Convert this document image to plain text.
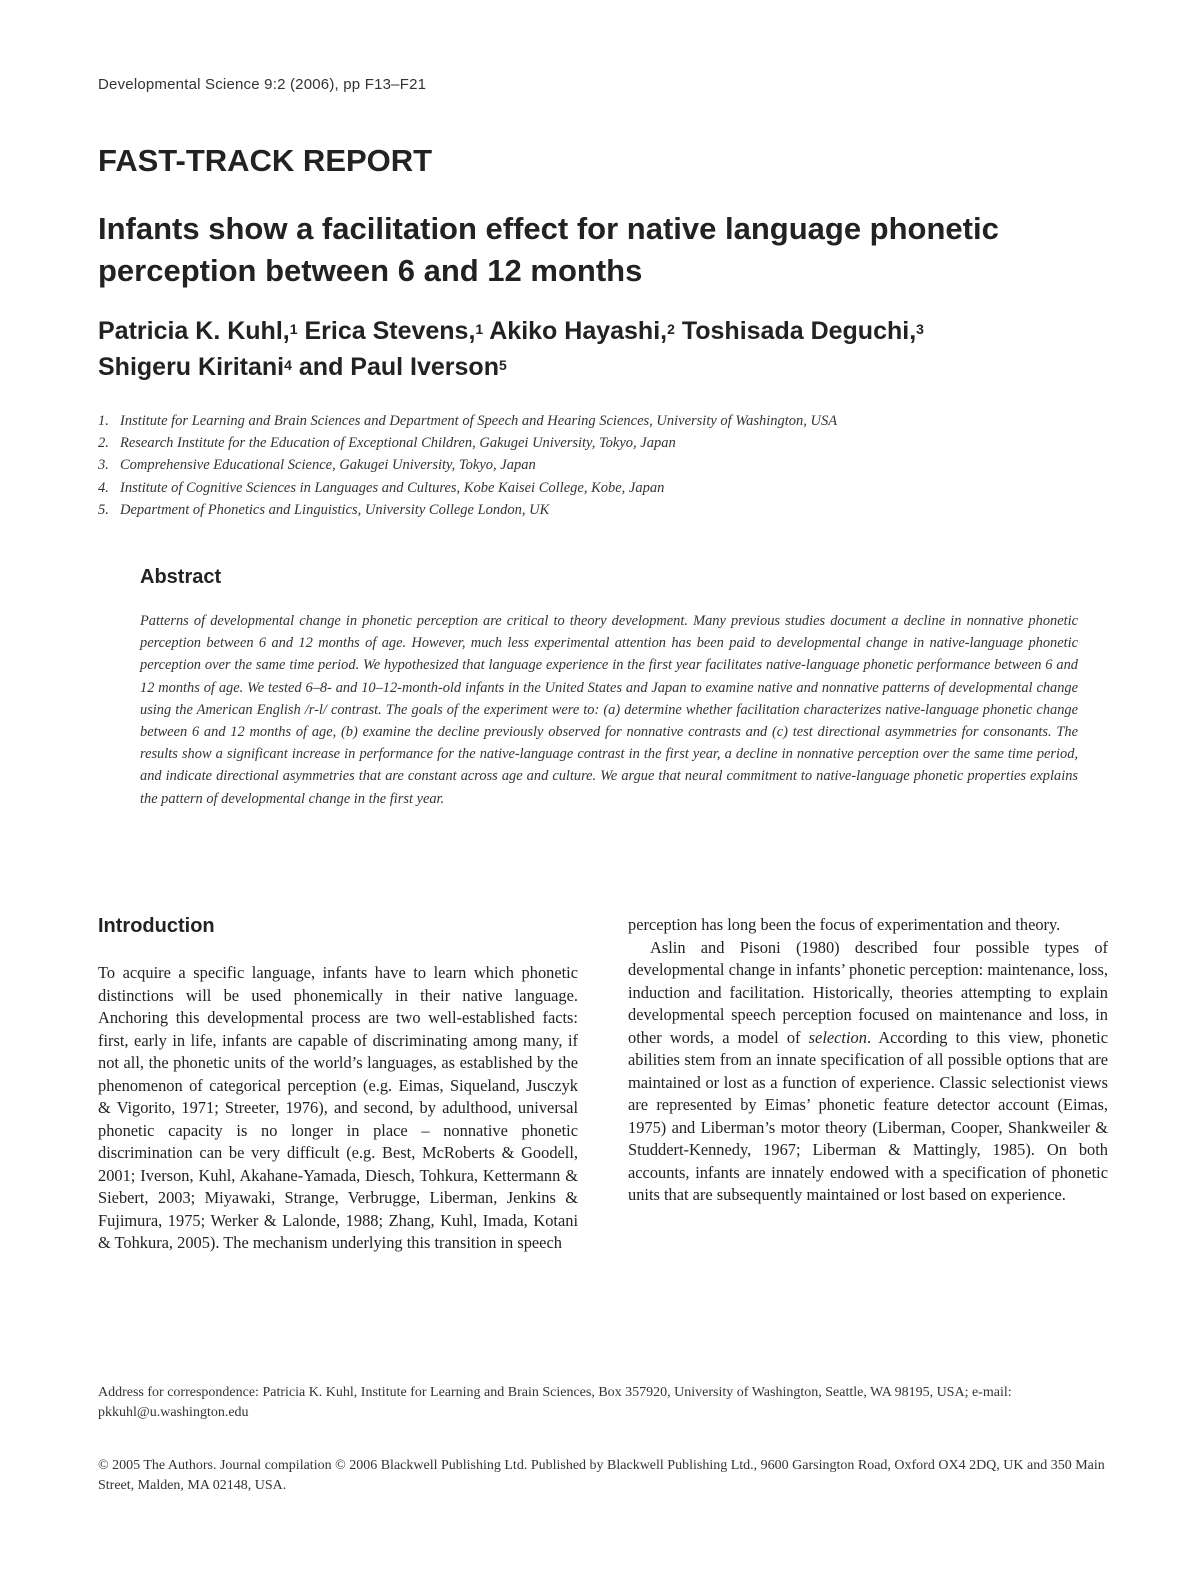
Developmental Science 9:2 (2006), pp F13–F21
FAST-TRACK REPORT
Infants show a facilitation effect for native language phonetic perception between 6 and 12 months
Patricia K. Kuhl,$^1$ Erica Stevens,$^1$ Akiko Hayashi,$^2$ Toshisada Deguchi,$^3$
Shigeru Kiritani$^4$ and Paul Iverson$^5$
1. Institute for Learning and Brain Sciences and Department of Speech and Hearing Sciences, University of Washington, USA
2. Research Institute for the Education of Exceptional Children, Gakugei University, Tokyo, Japan
3. Comprehensive Educational Science, Gakugei University, Tokyo, Japan
4. Institute of Cognitive Sciences in Languages and Cultures, Kobe Kaisei College, Kobe, Japan
5. Department of Phonetics and Linguistics, University College London, UK
Abstract
Patterns of developmental change in phonetic perception are critical to theory development. Many previous studies document a decline in nonnative phonetic perception between 6 and 12 months of age. However, much less experimental attention has been paid to developmental change in native-language phonetic perception over the same time period. We hypothesized that language experience in the first year facilitates native-language phonetic performance between 6 and 12 months of age. We tested 6–8- and 10–12-month-old infants in the United States and Japan to examine native and nonnative patterns of developmental change using the American English /r-l/ contrast. The goals of the experiment were to: (a) determine whether facilitation characterizes native-language phonetic change between 6 and 12 months of age, (b) examine the decline previously observed for nonnative contrasts and (c) test directional asymmetries for consonants. The results show a significant increase in performance for the native-language contrast in the first year, a decline in nonnative perception over the same time period, and indicate directional asymmetries that are constant across age and culture. We argue that neural commitment to native-language phonetic properties explains the pattern of developmental change in the first year.
Introduction

To acquire a specific language, infants have to learn which phonetic distinctions will be used phonemically in their native language. Anchoring this developmental process are two well-established facts: first, early in life, infants are capable of discriminating among many, if not all, the phonetic units of the world’s languages, as established by the phenomenon of categorical perception (e.g. Eimas, Siqueland, Jusczyk & Vigorito, 1971; Streeter, 1976), and second, by adulthood, universal phonetic capacity is no longer in place – nonnative phonetic discrimination can be very difficult (e.g. Best, McRoberts & Goodell, 2001; Iverson, Kuhl, Akahane-Yamada, Diesch, Tohkura, Kettermann & Siebert, 2003; Miyawaki, Strange, Verbrugge, Liberman, Jenkins & Fujimura, 1975; Werker & Lalonde, 1988; Zhang, Kuhl, Imada, Kotani & Tohkura, 2005). The mechanism underlying this transition in speech

perception has long been the focus of experimentation and theory.

Aslin and Pisoni (1980) described four possible types of developmental change in infants’ phonetic perception: maintenance, loss, induction and facilitation. Historically, theories attempting to explain developmental speech perception focused on maintenance and loss, in other words, a model of selection. According to this view, phonetic abilities stem from an innate specification of all possible options that are maintained or lost as a function of experience. Classic selectionist views are represented by Eimas’ phonetic feature detector account (Eimas, 1975) and Liberman’s motor theory (Liberman, Cooper, Shankweiler & Studdert-Kennedy, 1967; Liberman & Mattingly, 1985). On both accounts, infants are innately endowed with a specification of phonetic units that are subsequently maintained or lost based on experience.

Address for correspondence: Patricia K. Kuhl, Institute for Learning and Brain Sciences, Box 357920, University of Washington, Seattle, WA 98195, USA; e-mail: pkkuhl@u.washington.edu
© 2005 The Authors. Journal compilation © 2006 Blackwell Publishing Ltd. Published by Blackwell Publishing Ltd., 9600 Garsington Road, Oxford OX4 2DQ, UK and 350 Main Street, Malden, MA 02148, USA.
